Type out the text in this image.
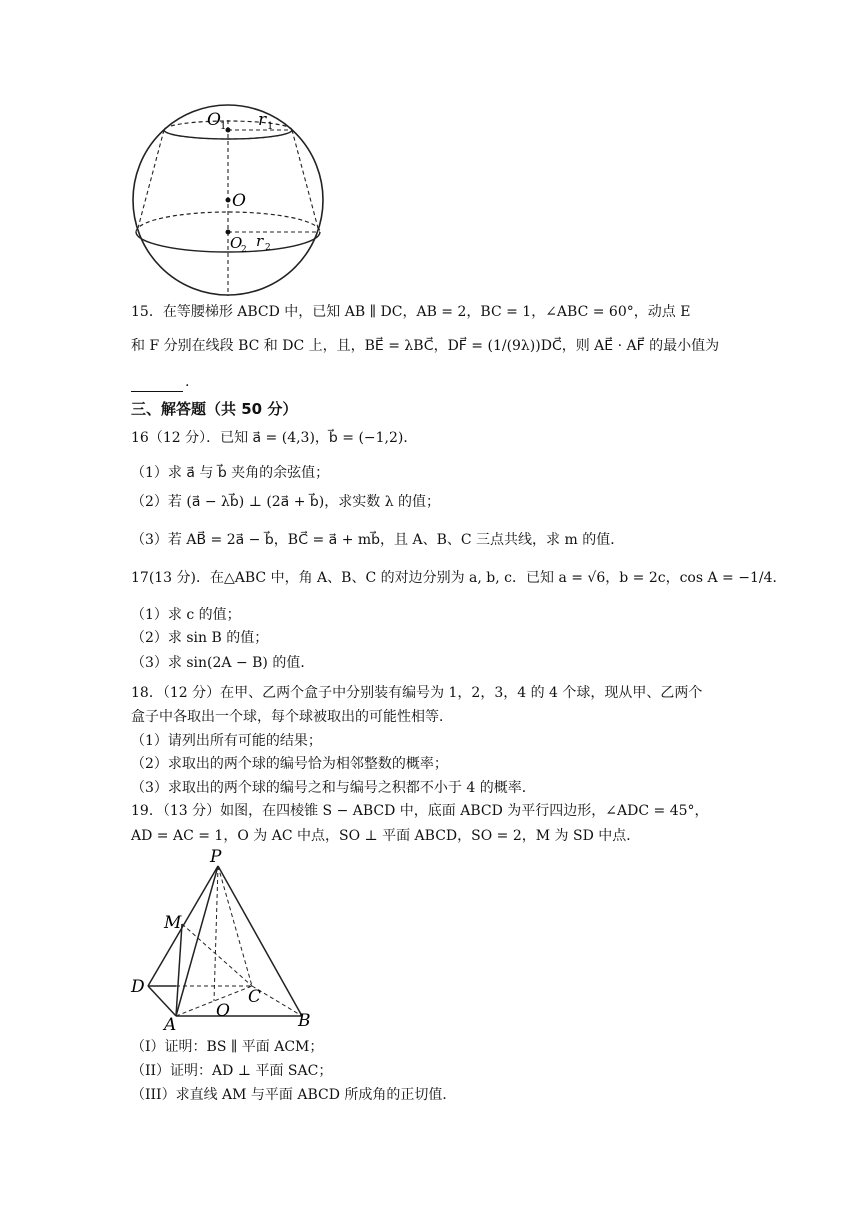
O 1 r 1
O
O
2 r 2
15．在等腰梯形 ABCD 中，已知 AB ∥ DC，AB = 2，BC = 1，∠ABC = 60°，动点 E
和 F 分别在线段 BC 和 DC 上，且，BE⃗ = λBC⃗，DF⃗ = (1/(9λ))DC⃗，则 AE⃗ · AF⃗ 的最小值为
.
三、解答题（共 50 分）
16（12 分）．已知 a⃗ = (4,3)，b⃗ = (−1,2)．
（1）求 a⃗ 与 b⃗ 夹角的余弦值；
（2）若 (a⃗ − λb⃗) ⊥ (2a⃗ + b⃗)，求实数 λ 的值；
（3）若 AB⃗ = 2a⃗ − b⃗，BC⃗ = a⃗ + mb⃗，且 A、B、C 三点共线，求 m 的值．
17(13 分)．在△ABC 中，角 A、B、C 的对边分别为 a, b, c．已知 a = √6，b = 2c，cos A = −1/4．
（1）求 c 的值；
（2）求 sin B 的值；
（3）求 sin(2A − B) 的值．
18．（12 分）在甲、乙两个盒子中分别装有编号为 1，2，3，4 的 4 个球，现从甲、乙两个
盒子中各取出一个球，每个球被取出的可能性相等．
（1）请列出所有可能的结果；
（2）求取出的两个球的编号恰为相邻整数的概率；
（3）求取出的两个球的编号之和与编号之积都不小于 4 的概率．
19．（13 分）如图，在四棱锥 S − ABCD 中，底面 ABCD 为平行四边形，∠ADC = 45°，
AD = AC = 1，O 为 AC 中点，SO ⊥ 平面 ABCD，SO = 2，M 为 SD 中点．
P
M
D	C
O
A	B
（I）证明：BS ∥ 平面 ACM；
（II）证明：AD ⊥ 平面 SAC；
（III）求直线 AM 与平面 ABCD 所成角的正切值．
